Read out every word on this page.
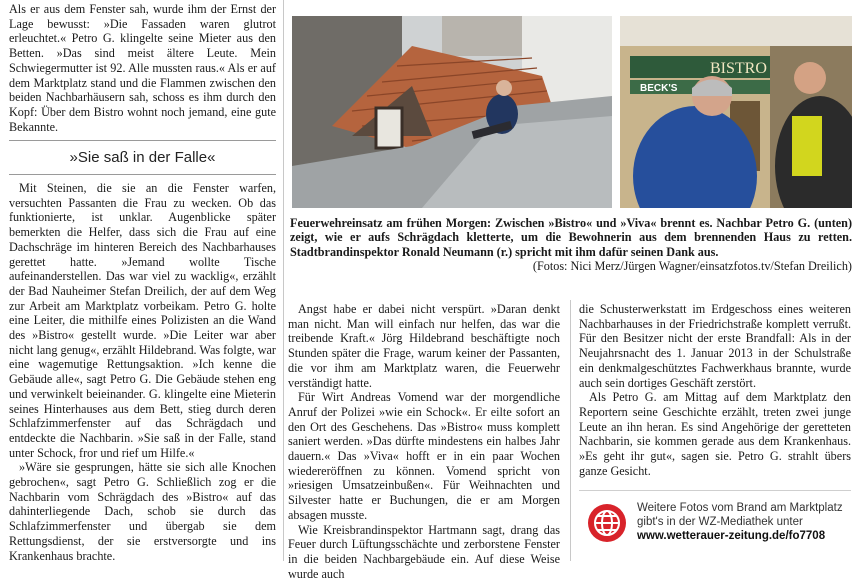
Als er aus dem Fenster sah, wurde ihm der Ernst der Lage bewusst: »Die Fassaden waren glutrot erleuchtet.« Petro G. klingelte seine Mieter aus den Betten. »Das sind meist ältere Leute. Mein Schwiegermutter ist 92. Alle mussten raus.« Als er auf dem Marktplatz stand und die Flammen zwischen den beiden Nachbarhäusern sah, schoss es ihm durch den Kopf: Über dem Bistro wohnt noch jemand, eine gute Bekannte.

»Sie saß in der Falle«

Mit Steinen, die sie an die Fenster warfen, versuchten Passanten die Frau zu wecken. Ob das funktionierte, ist unklar. Augenblicke später bemerkten die Helfer, dass sich die Frau auf eine Dachschräge im hinteren Bereich des Nachbarhauses gerettet hatte. »Jemand wollte Tische aufeinanderstellen. Das war viel zu wacklig«, erzählt der Bad Nauheimer Stefan Dreilich, der auf dem Weg zur Arbeit am Marktplatz vorbeikam. Petro G. holte eine Leiter, die mithilfe eines Polizisten an die Wand des »Bistro« gestellt wurde. »Die Leiter war aber nicht lang genug«, erzählt Hildebrand. Was folgte, war eine wagemutige Rettungsaktion. »Ich kenne die Gebäude alle«, sagt Petro G. Die Gebäude stehen eng und verwinkelt beieinander. G. klingelte eine Mieterin seines Hinterhauses aus dem Bett, stieg durch deren Schlafzimmerfenster auf das Schrägdach und entdeckte die Nachbarin. »Sie saß in der Falle, stand unter Schock, fror und rief um Hilfe.«

»Wäre sie gesprungen, hätte sie sich alle Knochen gebrochen«, sagt Petro G. Schließlich zog er die Nachbarin vom Schrägdach des »Bistro« auf das dahinterliegende Dach, schob sie durch das Schlafzimmerfenster und übergab sie dem Rettungsdienst, der sie erstversorgte und ins Krankenhaus brachte.

BISTRO
BECK'S
Feuerwehreinsatz am frühen Morgen: Zwischen »Bistro« und »Viva« brennt es. Nachbar Petro G. (unten) zeigt, wie er aufs Schrägdach kletterte, um die Bewohnerin aus dem brennenden Haus zu retten. Stadtbrandinspektor Ronald Neumann (r.) spricht mit ihm dafür seinen Dank aus.
(Fotos: Nici Merz/Jürgen Wagner/einsatzfotos.tv/Stefan Dreilich)

Angst habe er dabei nicht verspürt. »Daran denkt man nicht. Man will einfach nur helfen, das war die treibende Kraft.« Jörg Hildebrand beschäftigte noch Stunden später die Frage, warum keiner der Passanten, die vor ihm am Marktplatz waren, die Feuerwehr verständigt hatte.

Für Wirt Andreas Vomend war der morgendliche Anruf der Polizei »wie ein Schock«. Er eilte sofort an den Ort des Geschehens. Das »Bistro« muss komplett saniert werden. »Das dürfte mindestens ein halbes Jahr dauern.« Das »Viva« hofft er in ein paar Wochen wiedereröffnen zu können. Vomend spricht von »riesigen Umsatzeinbußen«. Für Weihnachten und Silvester hatte er Buchungen, die er am Morgen absagen musste.

Wie Kreisbrandinspektor Hartmann sagt, drang das Feuer durch Lüftungsschächte und zerborstene Fenster in die beiden Nachbargebäude ein. Auf diese Weise wurde auch

die Schusterwerkstatt im Erdgeschoss eines weiteren Nachbarhauses in der Friedrichstraße komplett verrußt. Für den Besitzer nicht der erste Brandfall: Als in der Neujahrsnacht des 1. Januar 2013 in der Schulstraße ein denkmalgeschütztes Fachwerkhaus brannte, wurde auch sein dortiges Geschäft zerstört.

Als Petro G. am Mittag auf dem Marktplatz den Reportern seine Geschichte erzählt, treten zwei junge Leute an ihn heran. Es sind Angehörige der geretteten Nachbarin, sie kommen gerade aus dem Krankenhaus. »Es geht ihr gut«, sagen sie. Petro G. strahlt übers ganze Gesicht.

Weitere Fotos vom Brand am Marktplatz
gibt's in der WZ-Mediathek unter
www.wetterauer-zeitung.de/fo7708
